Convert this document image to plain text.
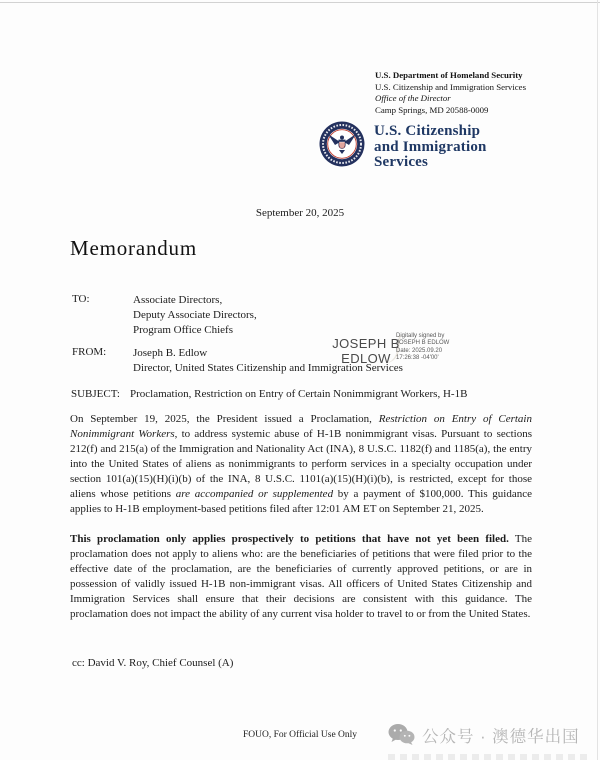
U.S. Department of Homeland Security
U.S. Citizenship and Immigration Services
Office of the Director
Camp Springs, MD 20588-0009
U.S. Citizenship
and Immigration
Services
September 20, 2025
Memorandum
TO:	Associate Directors,
Deputy Associate Directors,
Program Office Chiefs
FROM: Joseph B. Edlow
Director, United States Citizenship and Immigration Services
JOSEPH B
EDLOW
Digitally signed by
JOSEPH B EDLOW
Date: 2025.09.20
17:26:38 -04'00'
SUBJECT: Proclamation, Restriction on Entry of Certain Nonimmigrant Workers, H-1B
On September 19, 2025, the President issued a Proclamation, Restriction on Entry of Certain Nonimmigrant Workers, to address systemic abuse of H-1B nonimmigrant visas. Pursuant to sections 212(f) and 215(a) of the Immigration and Nationality Act (INA), 8 U.S.C. 1182(f) and 1185(a), the entry into the United States of aliens as nonimmigrants to perform services in a specialty occupation under section 101(a)(15)(H)(i)(b) of the INA, 8 U.S.C. 1101(a)(15)(H)(i)(b), is restricted, except for those aliens whose petitions are accompanied or supplemented by a payment of $100,000. This guidance applies to H-1B employment-based petitions filed after 12:01 AM ET on September 21, 2025.
This proclamation only applies prospectively to petitions that have not yet been filed. The proclamation does not apply to aliens who: are the beneficiaries of petitions that were filed prior to the effective date of the proclamation, are the beneficiaries of currently approved petitions, or are in possession of validly issued H-1B non-immigrant visas. All officers of United States Citizenship and Immigration Services shall ensure that their decisions are consistent with this guidance. The proclamation does not impact the ability of any current visa holder to travel to or from the United States.
cc: David V. Roy, Chief Counsel (A)
FOUO, For Official Use Only	公众号 · 澳德华出国
